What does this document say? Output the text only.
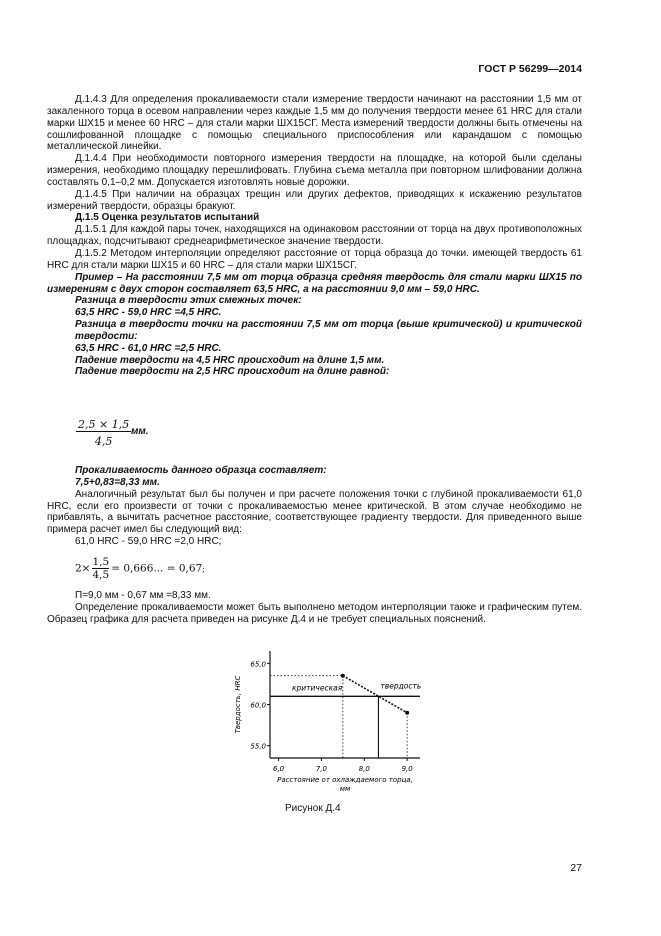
ГОСТ Р 56299—2014

Д.1.4.3 Для определения прокаливаемости стали измерение твердости начинают на расстоянии 1,5 мм от закаленного торца в осевом направлении через каждые 1,5 мм до получения твердости менее 61 HRC для стали марки ШХ15 и менее 60 HRC – для стали марки ШХ15СГ. Места измерений твердости должны быть отмечены на сошлифованной площадке с помощью специального приспособления или карандашом с помощью металлической линейки.

Д.1.4.4 При необходимости повторного измерения твердости на площадке, на которой были сделаны измерения, необходимо площадку перешлифовать. Глубина съема металла при повторном шлифовании должна составлять 0,1–0,2 мм. Допускается изготовлять новые дорожки.

Д.1.4.5 При наличии на образцах трещин или других дефектов, приводящих к искажению результатов измерений твердости, образцы бракуют.

Д.1.5 Оценка результатов испытаний

Д.1.5.1 Для каждой пары точек, находящихся на одинаковом расстоянии от торца на двух противоположных площадках, подсчитывают среднеарифметическое значение твердости.

Д.1.5.2 Методом интерполяции определяют расстояние от торца образца до точки. имеющей твердость 61 HRC для стали марки ШХ15 и 60 HRC – для стали марки ШХ15СГ.

Пример – На расстоянии 7,5 мм от торца образца средняя твердость для стали марки ШХ15 по измерениям с двух сторон составляет 63,5 HRC, а на расстоянии 9,0 мм – 59,0 HRC.

Разница в твердости этих смежных точек:

63,5 HRC - 59,0 HRC =4,5 HRC.

Разница в твердости точки на расстоянии 7,5 мм от торца (выше критической) и критической твердости:

63,5 HRC - 61,0 HRC =2,5 HRC.

Падение твердости на 4,5 HRC происходит на длине 1,5 мм.

Падение твердости на 2,5 HRC происходит на длине равной:

$\frac{2,5 \times 1,5}{4,5}$ мм.

Прокаливаемость данного образца составляет:

7,5+0,83=8,33 мм.

Аналогичный результат был бы получен и при расчете положения точки с глубиной прокаливаемости 61,0 HRC, если его произвести от точки с прокаливаемостью менее критической. В этом случае необходимо не прибавлять, а вычитать расчетное расстояние, соответствующее градиенту твердости. Для приведенного выше примера расчет имел бы следующий вид:

61,0 HRC - 59,0 HRC =2,0 HRC;

$2\times \frac{1,5}{4,5} = 0,666$... = 0,67;

П=9,0 мм - 0,67 мм =8,33 мм.

Определение прокаливаемости может быть выполнено методом интерполяции также и графическим путем. Образец графика для расчета приведен на рисунке Д.4 и не требует специальных пояснений.

65,0
60,0
55,0
6,0	7,0	8,0	9,0
критическая	твердость
Твердость, HRC
Расстояние от охлаждаемого торца,
мм
Рисунок Д.4
27
